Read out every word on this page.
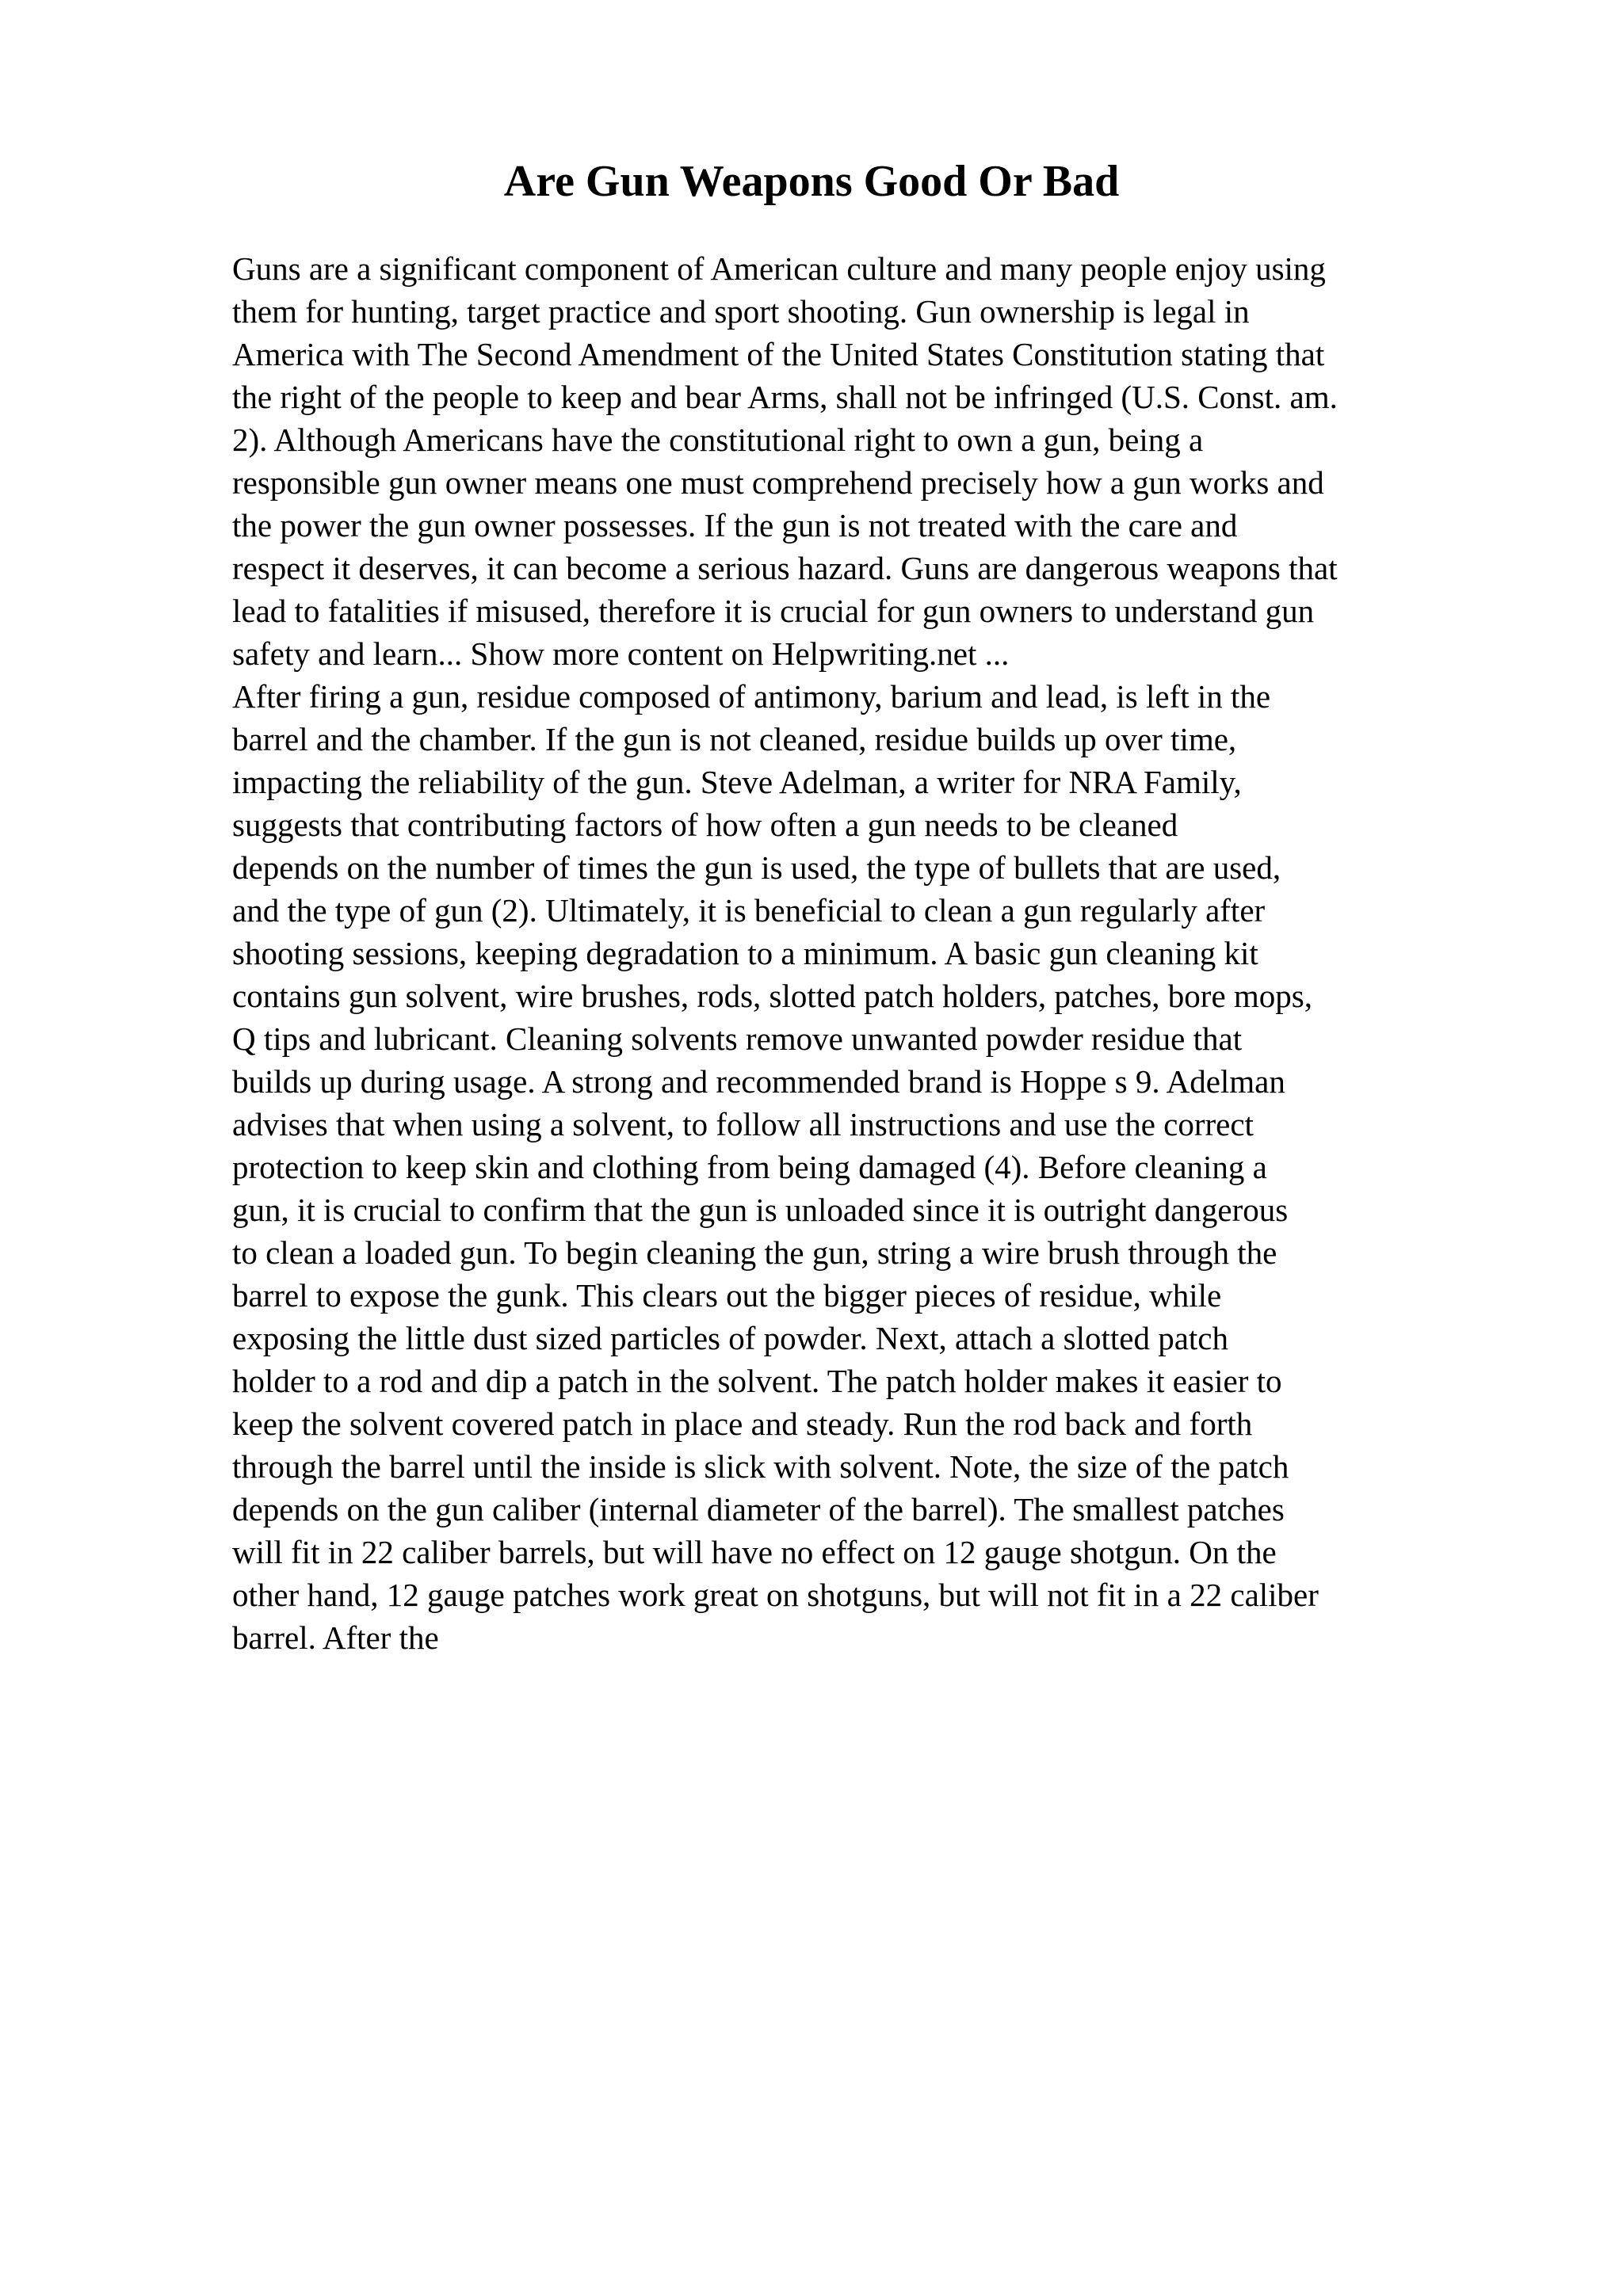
Are Gun Weapons Good Or Bad
Guns are a significant component of American culture and many people enjoy using
them for hunting, target practice and sport shooting. Gun ownership is legal in
America with The Second Amendment of the United States Constitution stating that
the right of the people to keep and bear Arms, shall not be infringed (U.S. Const. am.
2). Although Americans have the constitutional right to own a gun, being a
responsible gun owner means one must comprehend precisely how a gun works and
the power the gun owner possesses. If the gun is not treated with the care and
respect it deserves, it can become a serious hazard. Guns are dangerous weapons that
lead to fatalities if misused, therefore it is crucial for gun owners to understand gun
safety and learn... Show more content on Helpwriting.net ...
After firing a gun, residue composed of antimony, barium and lead, is left in the
barrel and the chamber. If the gun is not cleaned, residue builds up over time,
impacting the reliability of the gun. Steve Adelman, a writer for NRA Family,
suggests that contributing factors of how often a gun needs to be cleaned
depends on the number of times the gun is used, the type of bullets that are used,
and the type of gun (2). Ultimately, it is beneficial to clean a gun regularly after
shooting sessions, keeping degradation to a minimum. A basic gun cleaning kit
contains gun solvent, wire brushes, rods, slotted patch holders, patches, bore mops,
Q tips and lubricant. Cleaning solvents remove unwanted powder residue that
builds up during usage. A strong and recommended brand is Hoppe s 9. Adelman
advises that when using a solvent, to follow all instructions and use the correct
protection to keep skin and clothing from being damaged (4). Before cleaning a
gun, it is crucial to confirm that the gun is unloaded since it is outright dangerous
to clean a loaded gun. To begin cleaning the gun, string a wire brush through the
barrel to expose the gunk. This clears out the bigger pieces of residue, while
exposing the little dust sized particles of powder. Next, attach a slotted patch
holder to a rod and dip a patch in the solvent. The patch holder makes it easier to
keep the solvent covered patch in place and steady. Run the rod back and forth
through the barrel until the inside is slick with solvent. Note, the size of the patch
depends on the gun caliber (internal diameter of the barrel). The smallest patches
will fit in 22 caliber barrels, but will have no effect on 12 gauge shotgun. On the
other hand, 12 gauge patches work great on shotguns, but will not fit in a 22 caliber
barrel. After the
